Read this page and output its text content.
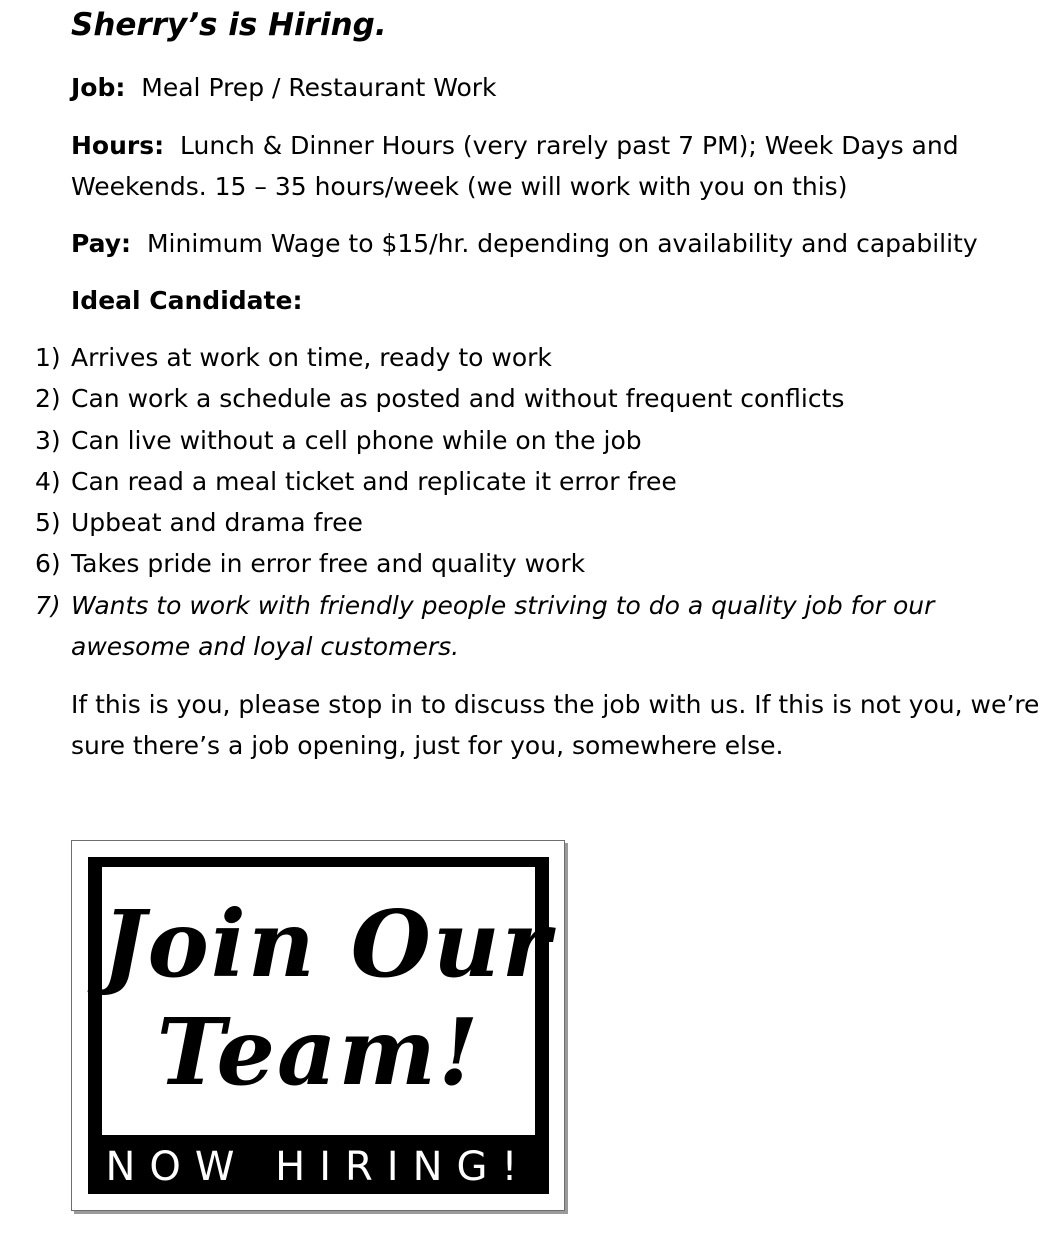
Sherry’s is Hiring.

Job: Meal Prep / Restaurant Work

Hours: Lunch & Dinner Hours (very rarely past 7 PM); Week Days and

Weekends. 15 – 35 hours/week (we will work with you on this)

Pay: Minimum Wage to $15/hr. depending on availability and capability

Ideal Candidate:

1) Arrives at work on time, ready to work
2) Can work a schedule as posted and without frequent conflicts
3) Can live without a cell phone while on the job
4) Can read a meal ticket and replicate it error free
5) Upbeat and drama free
6) Takes pride in error free and quality work
7) Wants to work with friendly people striving to do a quality job for our awesome and loyal customers.

If this is you, please stop in to discuss the job with us. If this is not you, we’re

sure there’s a job opening, just for you, somewhere else.

Join Our

Team!

NOW HIRING!
